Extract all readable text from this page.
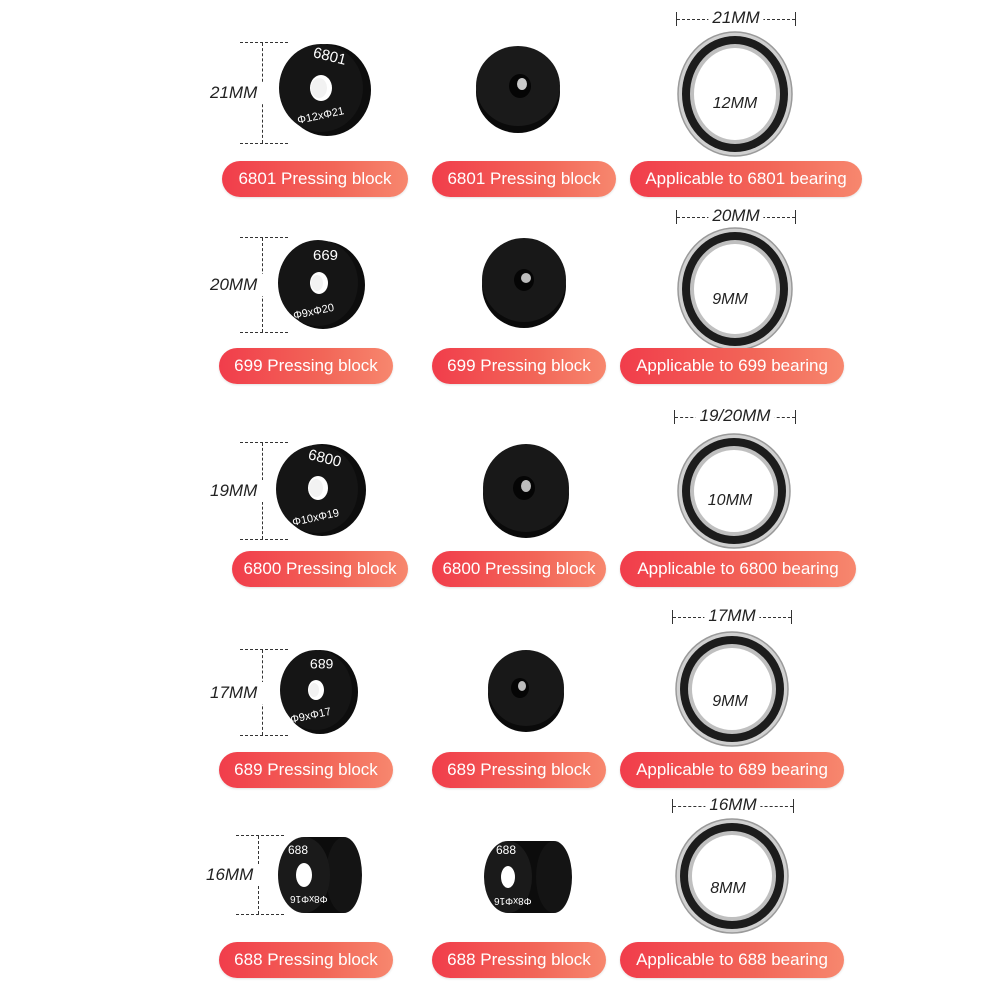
21MM
6801
Φ12xΦ21
21MM
12MM
6801 Pressing block	6801 Pressing block	Applicable to 6801 bearing
20MM
699
Φ9xΦ20
20MM
9MM
699 Pressing block	699 Pressing block	Applicable to 699 bearing
19MM
6800
Φ10xΦ19
19/20MM
10MM
6800 Pressing block	6800 Pressing block	Applicable to 6800 bearing
17MM
689
Φ9xΦ17
17MM
9MM
689 Pressing block	689 Pressing block	Applicable to 689 bearing
16MM
688
Φ8xΦ16
688
Φ8xΦ16
16MM
8MM
688 Pressing block	688 Pressing block	Applicable to 688 bearing
